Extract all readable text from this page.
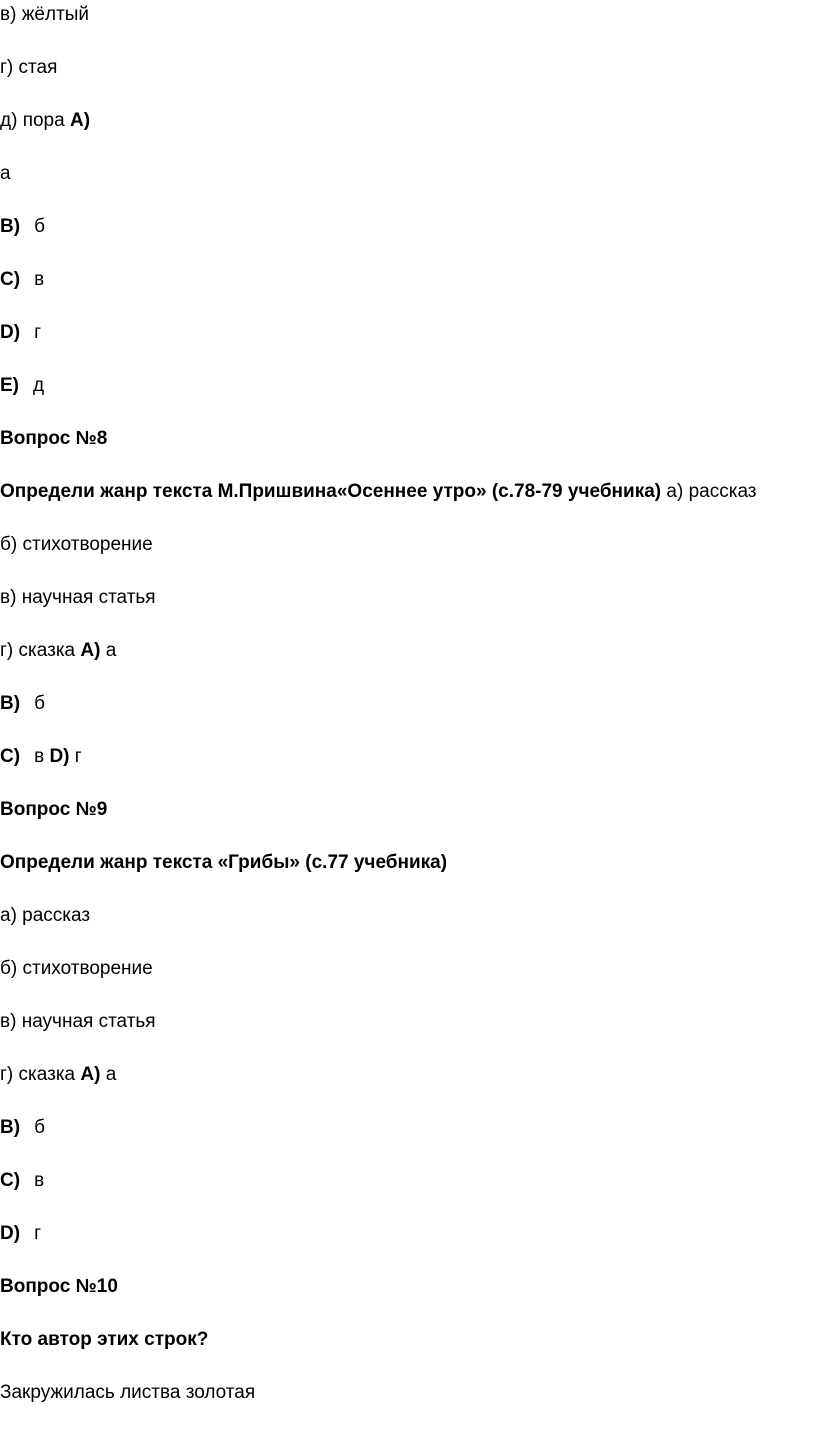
в) жёлтый
г) стая
д) пора A)
а
B) б
C) в
D) г
E) д
Вопрос №8
Определи жанр текста М.Пришвина«Осеннее утро» (с.78-79 учебника) а) рассказ
б) стихотворение
в) научная статья
г) сказка A) а
B) б
C) в D) г
Вопрос №9
Определи жанр текста «Грибы» (с.77 учебника)
а) рассказ
б) стихотворение
в) научная статья
г) сказка A) а
B) б
C) в
D) г
Вопрос №10
Кто автор этих строк?
Закружилась листва золотая
